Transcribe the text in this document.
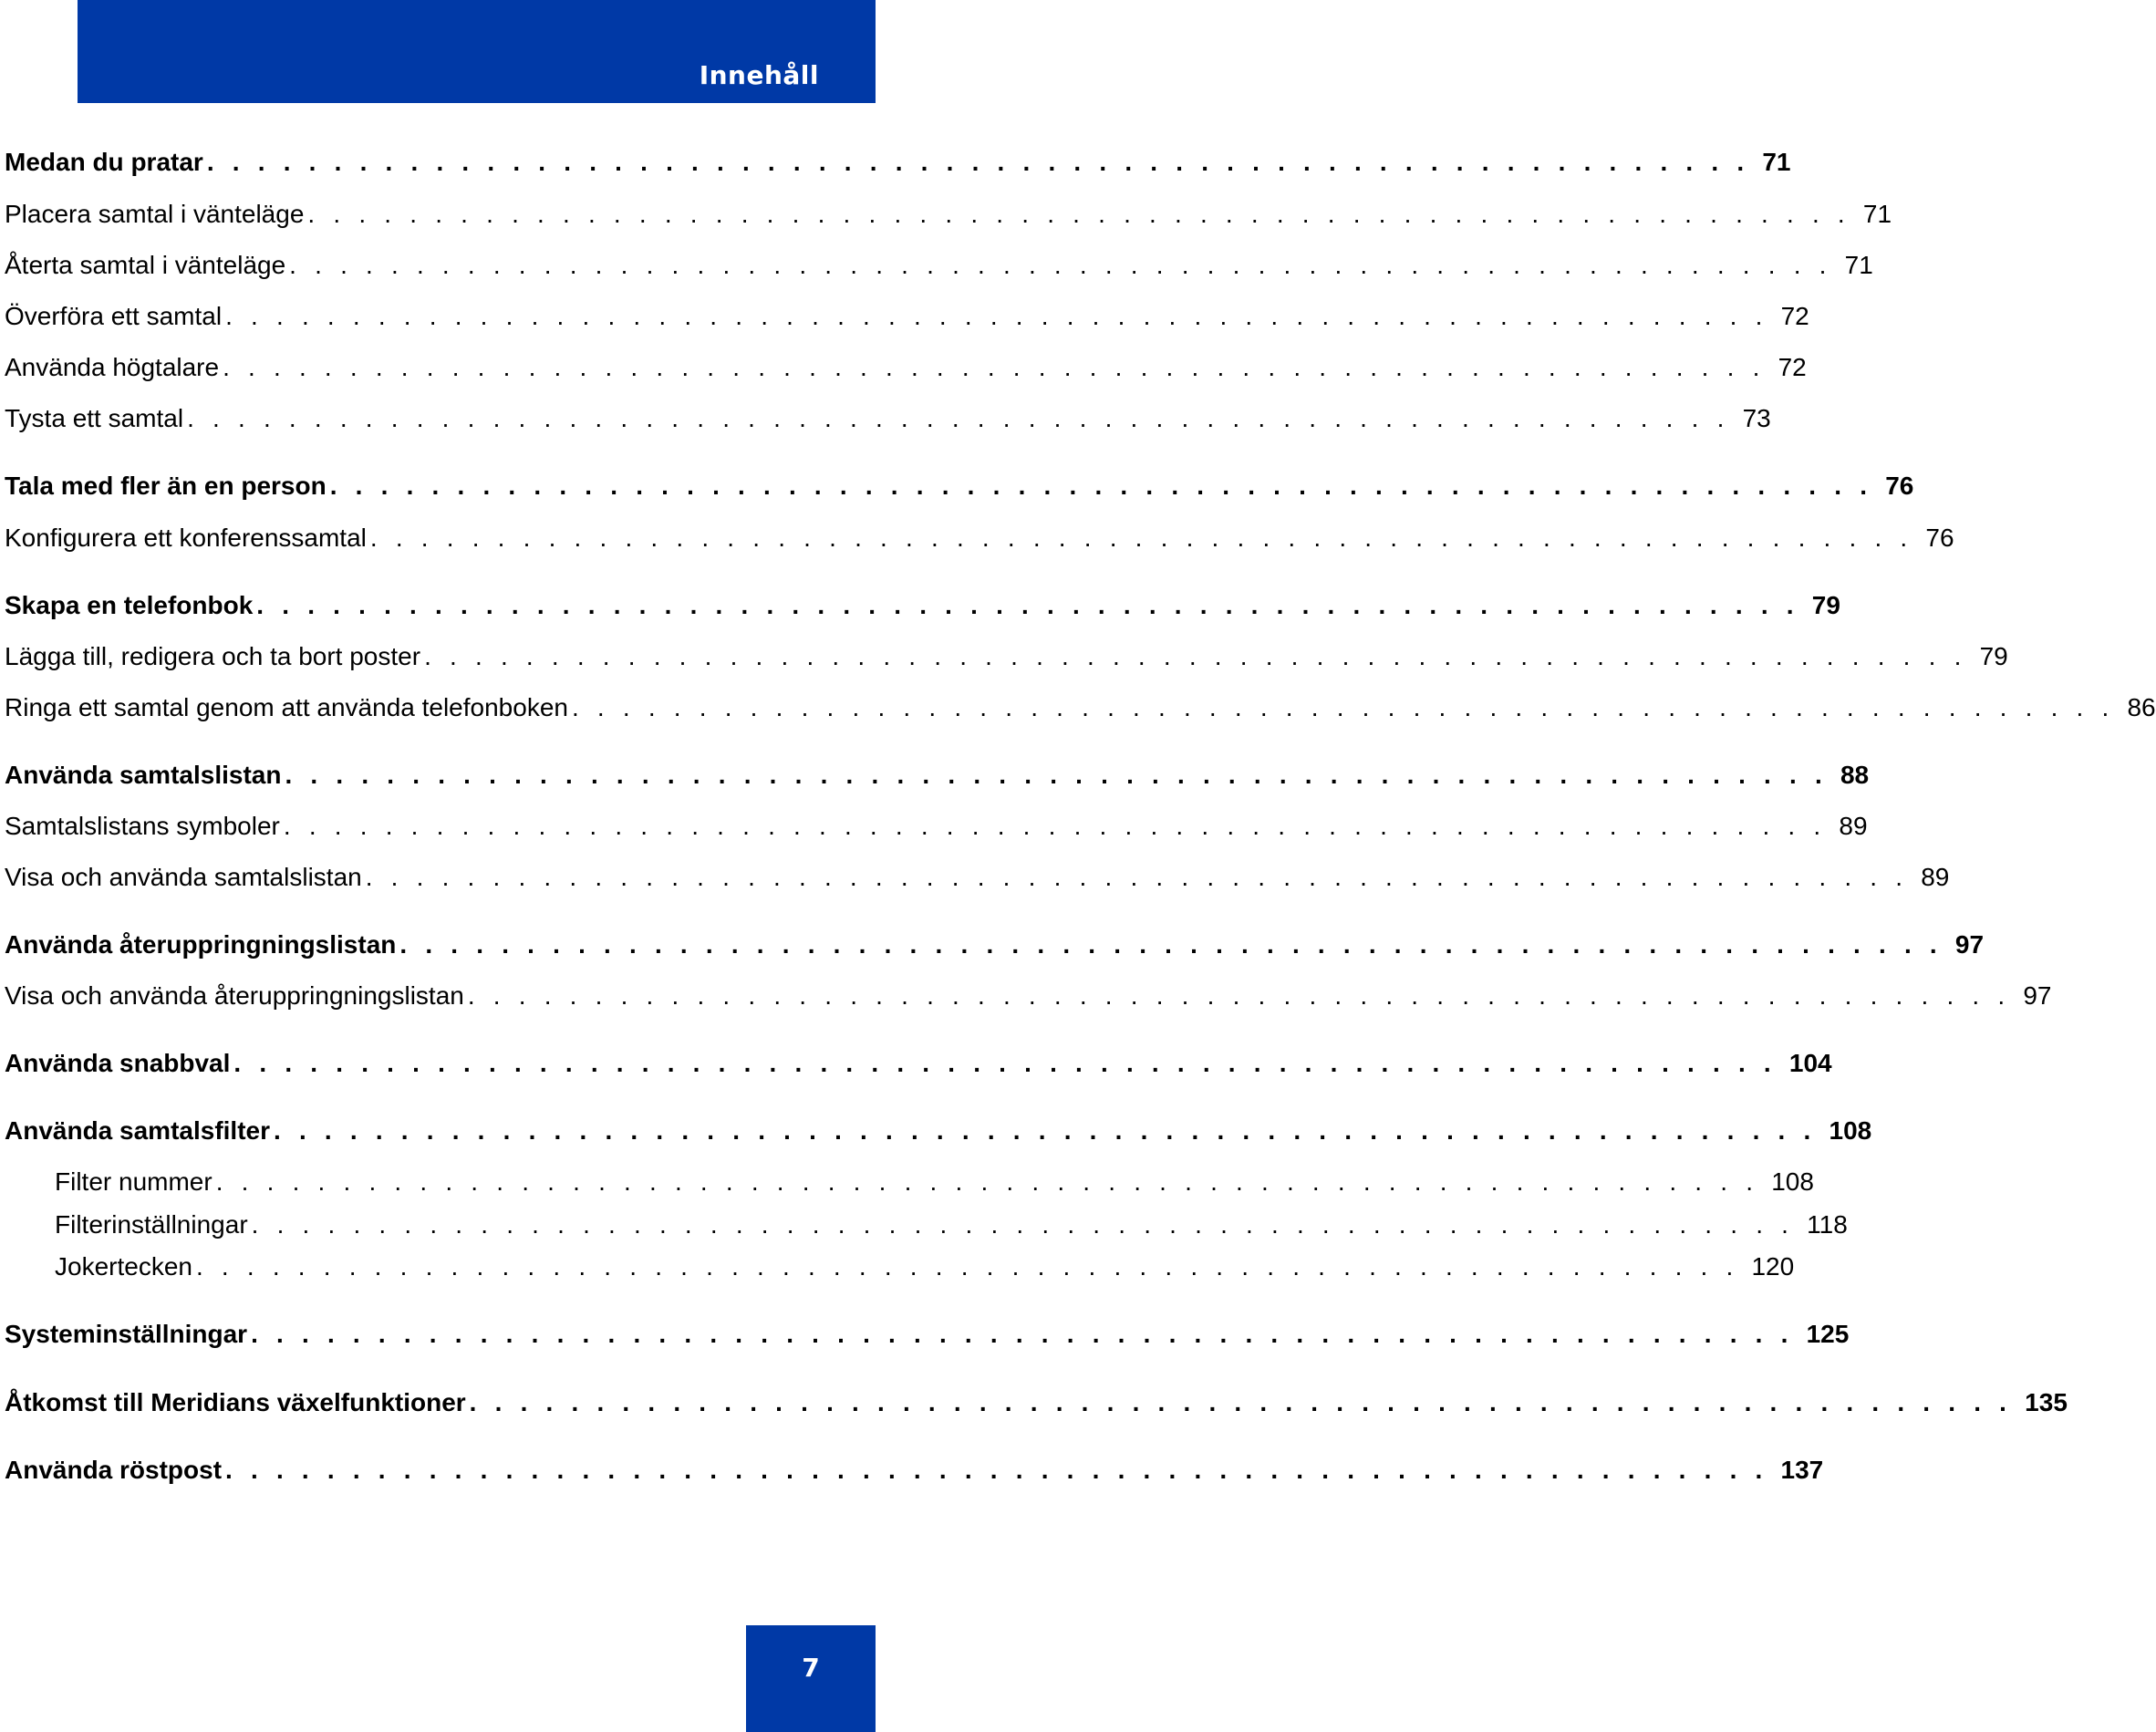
Innehåll
Medan du pratar . . . . . . . . . . . . . . . . . . . . . . . . . . . . . . . . . . . . . . . . . . . . . . . . . . . . . . . . . . . . . 71
Placera samtal i vänteläge . . . . . . . . . . . . . . . . . . . . . . . . . . . . . . . . . . . . . . . . . . . . . . . . . . . . . . . . . . . . . 71
Återta samtal i vänteläge . . . . . . . . . . . . . . . . . . . . . . . . . . . . . . . . . . . . . . . . . . . . . . . . . . . . . . . . . . . . . 71
Överföra ett samtal . . . . . . . . . . . . . . . . . . . . . . . . . . . . . . . . . . . . . . . . . . . . . . . . . . . . . . . . . . . . . 72
Använda högtalare . . . . . . . . . . . . . . . . . . . . . . . . . . . . . . . . . . . . . . . . . . . . . . . . . . . . . . . . . . . . . 72
Tysta ett samtal . . . . . . . . . . . . . . . . . . . . . . . . . . . . . . . . . . . . . . . . . . . . . . . . . . . . . . . . . . . . . 73
Tala med fler än en person . . . . . . . . . . . . . . . . . . . . . . . . . . . . . . . . . . . . . . . . . . . . . . . . . . . . . . . . . . . . . 76
Konfigurera ett konferenssamtal . . . . . . . . . . . . . . . . . . . . . . . . . . . . . . . . . . . . . . . . . . . . . . . . . . . . . . . . . . . . . 76
Skapa en telefonbok . . . . . . . . . . . . . . . . . . . . . . . . . . . . . . . . . . . . . . . . . . . . . . . . . . . . . . . . . . . . . 79
Lägga till, redigera och ta bort poster . . . . . . . . . . . . . . . . . . . . . . . . . . . . . . . . . . . . . . . . . . . . . . . . . . . . . . . . . . . . . 79
Ringa ett samtal genom att använda telefonboken . . . . . . . . . . . . . . . . . . . . . . . . . . . . . . . . . . . . . . . . . . . . . . . . . . . . . . . . . . . . . 86
Använda samtalslistan . . . . . . . . . . . . . . . . . . . . . . . . . . . . . . . . . . . . . . . . . . . . . . . . . . . . . . . . . . . . . 88
Samtalslistans symboler . . . . . . . . . . . . . . . . . . . . . . . . . . . . . . . . . . . . . . . . . . . . . . . . . . . . . . . . . . . . . 89
Visa och använda samtalslistan . . . . . . . . . . . . . . . . . . . . . . . . . . . . . . . . . . . . . . . . . . . . . . . . . . . . . . . . . . . . . 89
Använda återuppringningslistan . . . . . . . . . . . . . . . . . . . . . . . . . . . . . . . . . . . . . . . . . . . . . . . . . . . . . . . . . . . . . 97
Visa och använda återuppringningslistan . . . . . . . . . . . . . . . . . . . . . . . . . . . . . . . . . . . . . . . . . . . . . . . . . . . . . . . . . . . . . 97
Använda snabbval . . . . . . . . . . . . . . . . . . . . . . . . . . . . . . . . . . . . . . . . . . . . . . . . . . . . . . . . . . . . . 104
Använda samtalsfilter . . . . . . . . . . . . . . . . . . . . . . . . . . . . . . . . . . . . . . . . . . . . . . . . . . . . . . . . . . . . . 108
Filter nummer . . . . . . . . . . . . . . . . . . . . . . . . . . . . . . . . . . . . . . . . . . . . . . . . . . . . . . . . . . . . . 108
Filterinställningar . . . . . . . . . . . . . . . . . . . . . . . . . . . . . . . . . . . . . . . . . . . . . . . . . . . . . . . . . . . . . 118
Jokertecken . . . . . . . . . . . . . . . . . . . . . . . . . . . . . . . . . . . . . . . . . . . . . . . . . . . . . . . . . . . . . 120
Systeminställningar . . . . . . . . . . . . . . . . . . . . . . . . . . . . . . . . . . . . . . . . . . . . . . . . . . . . . . . . . . . . . 125
Åtkomst till Meridians växelfunktioner . . . . . . . . . . . . . . . . . . . . . . . . . . . . . . . . . . . . . . . . . . . . . . . . . . . . . . . . . . . . . 135
Använda röstpost . . . . . . . . . . . . . . . . . . . . . . . . . . . . . . . . . . . . . . . . . . . . . . . . . . . . . . . . . . . . . 137
7
